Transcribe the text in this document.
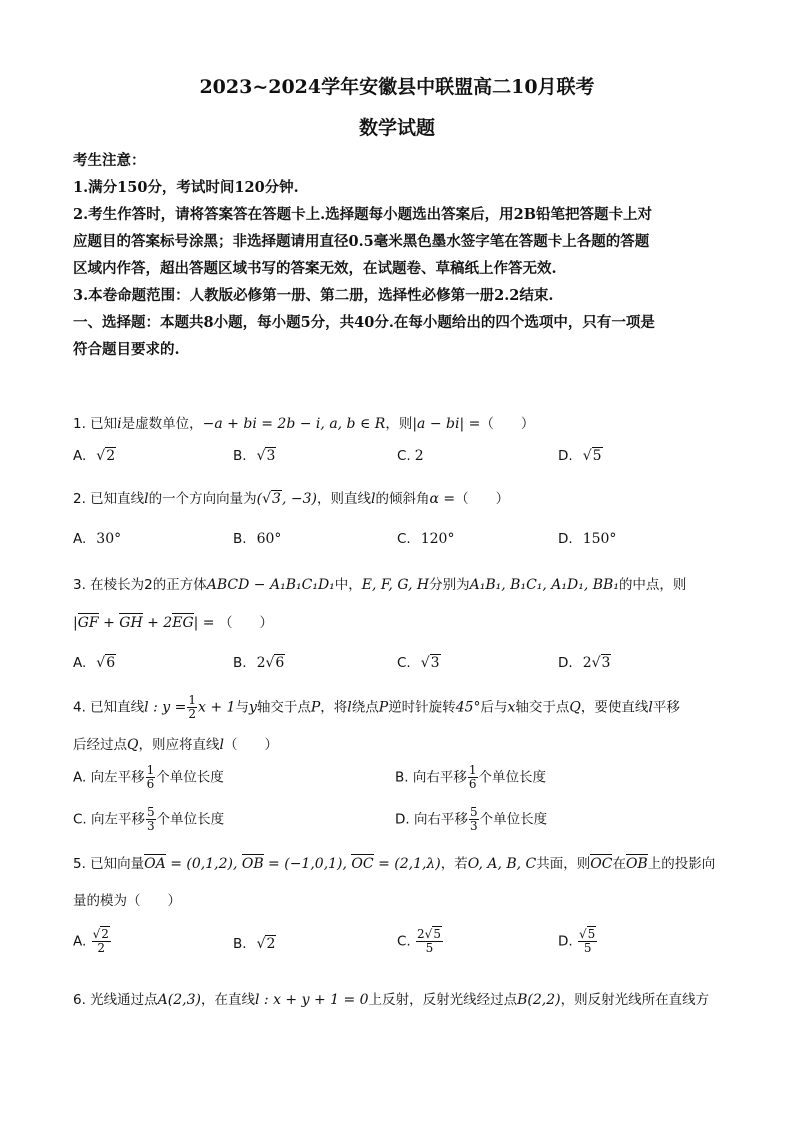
2023~2024学年安徽县中联盟高二10月联考
数学试题
考生注意：
1.满分150分，考试时间120分钟.
2.考生作答时，请将答案答在答题卡上.选择题每小题选出答案后，用2B铅笔把答题卡上对
应题目的答案标号涂黑；非选择题请用直径0.5毫米黑色墨水签字笔在答题卡上各题的答题
区域内作答，超出答题区域书写的答案无效，在试题卷、草稿纸上作答无效.
3.本卷命题范围：人教版必修第一册、第二册，选择性必修第一册2.2结束.
一、选择题：本题共8小题，每小题5分，共40分.在每小题给出的四个选项中，只有一项是
符合题目要求的.
1. 已知i是虚数单位，−a + bi = 2b − i, a, b ∈ R，则|a − bi| =（　　）
A. √2	B. √3	C. 2	D. √5
2. 已知直线l的一个方向向量为(√3, −3)，则直线l的倾斜角α =（　　）
A. 30°	B. 60°	C. 120°	D. 150°
3. 在棱长为2的正方体ABCD − A₁B₁C₁D₁中，E, F, G, H分别为A₁B₁, B₁C₁, A₁D₁, BB₁的中点，则
|GF + GH + 2EG| = （　　）
A. √6	B. 2√6	C. √3	D. 2√3
4. 已知直线l : $y = \frac{1}{2}$ x + 1与y轴交于点P，将l绕点P逆时针旋转45°后与x轴交于点Q，要使直线l平移
后经过点Q，则应将直线l（　　）
A. 向左平移 $\frac{1}{6}$ 个单位长度	B. 向右平移 $\frac{1}{6}$ 个单位长度
C. 向左平移 $\frac{5}{3}$ 个单位长度	D. 向右平移 $\frac{5}{3}$ 个单位长度
5. 已知向量OA = (0,1,2), OB = (−1,0,1), OC = (2,1,λ)，若O, A, B, C共面，则OC在OB上的投影向
量的模为（　　）
A. $\frac{√2}{2}$	B. √2	C. $\frac{2√5}{5}$	D. $\frac{√5}{5}$
6. 光线通过点A(2,3)，在直线l : x + y + 1 = 0上反射，反射光线经过点B(2,2)，则反射光线所在直线方
